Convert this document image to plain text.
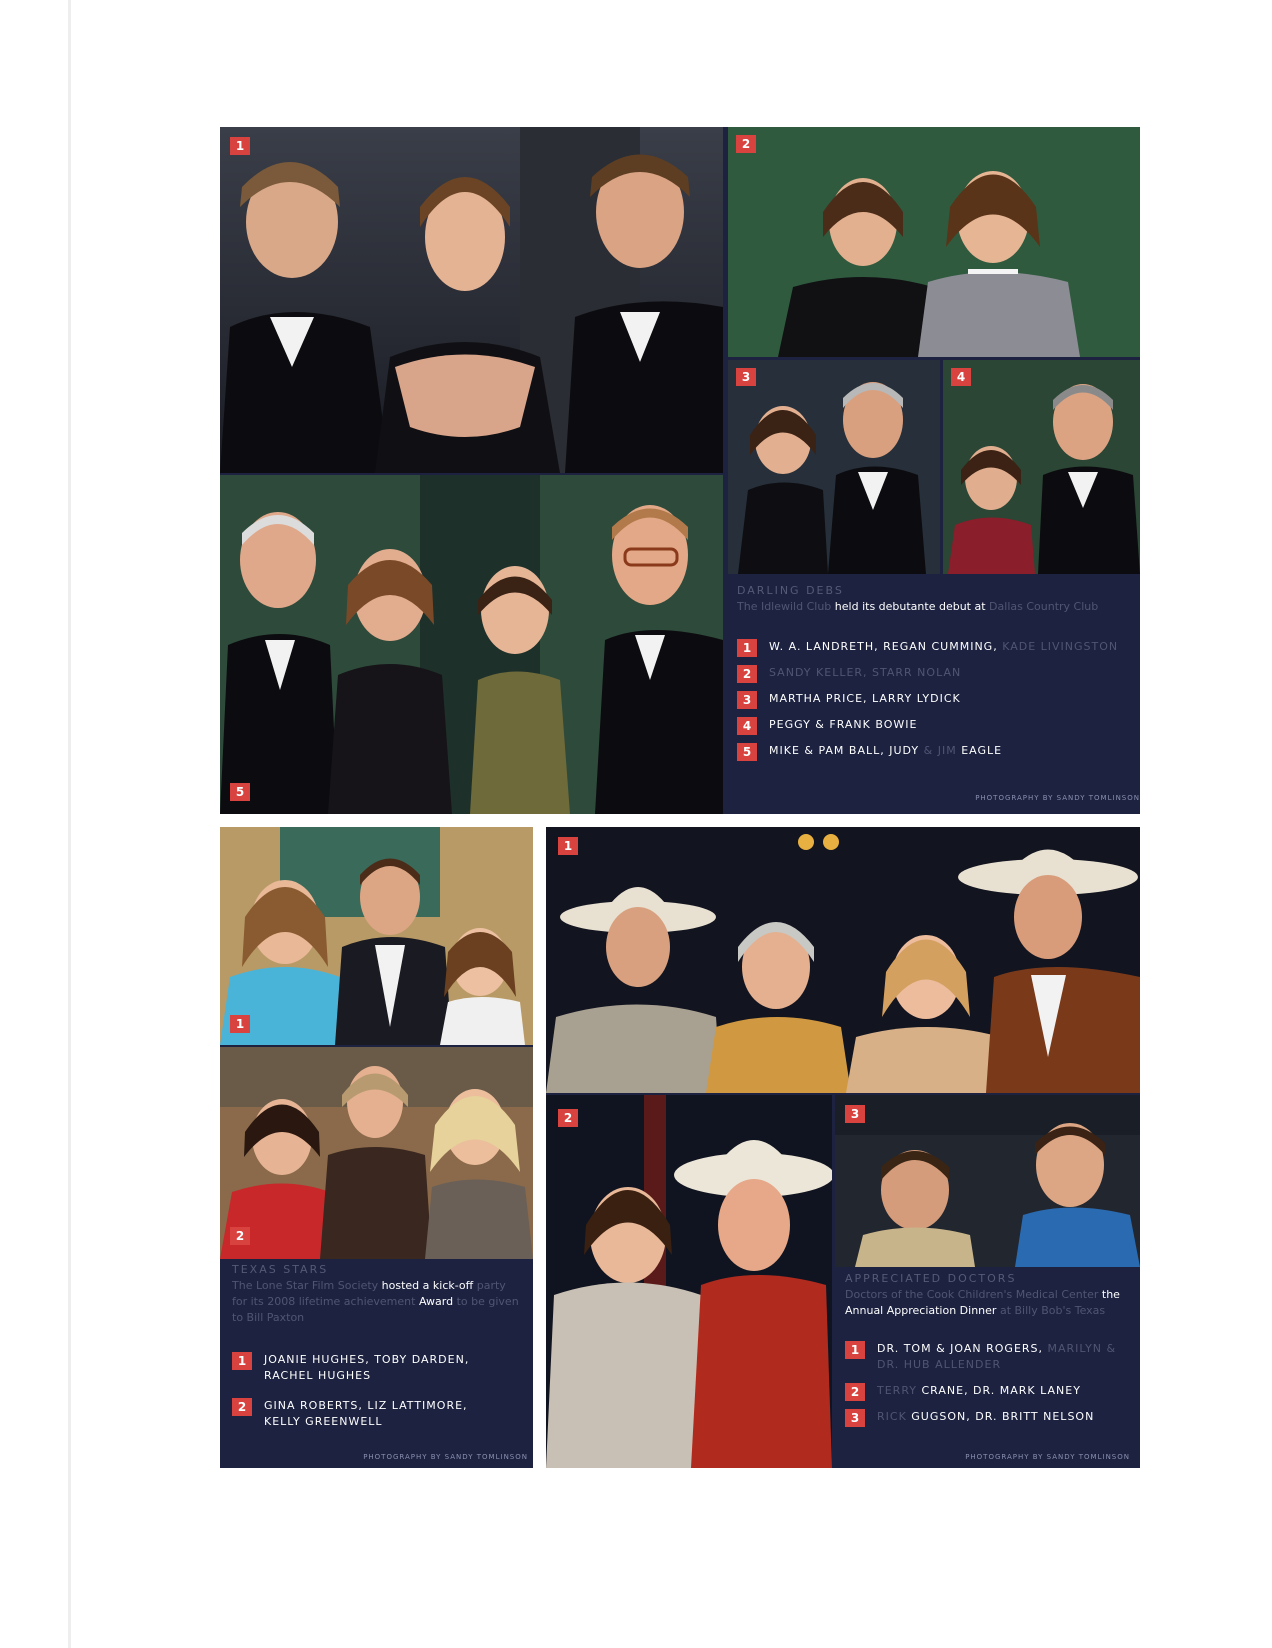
1	2
3	4
5
DARLING DEBS
The Idlewild Club held its debutante debut at Dallas Country Club
1	W. A. LANDRETH, REGAN CUMMING, KADE LIVINGSTON
2	SANDY KELLER, STARR NOLAN
3	MARTHA PRICE, LARRY LYDICK
4	PEGGY & FRANK BOWIE
5	MIKE & PAM BALL, JUDY & JIM EAGLE
PHOTOGRAPHY BY SANDY TOMLINSON
1
2
TEXAS STARS
The Lone Star Film Society hosted a kick-off party for its 2008 lifetime achievement Award to be given to Bill Paxton
1	JOANIE HUGHES, TOBY DARDEN, RACHEL HUGHES
2	GINA ROBERTS, LIZ LATTIMORE, KELLY GREENWELL
PHOTOGRAPHY BY SANDY TOMLINSON
1
2	3
APPRECIATED DOCTORS
Doctors of the Cook Children's Medical Center the Annual Appreciation Dinner at Billy Bob's Texas
1	DR. TOM & JOAN ROGERS, MARILYN & DR. HUB ALLENDER
2	TERRY CRANE, DR. MARK LANEY
3	RICK GUGSON, DR. BRITT NELSON
PHOTOGRAPHY BY SANDY TOMLINSON
